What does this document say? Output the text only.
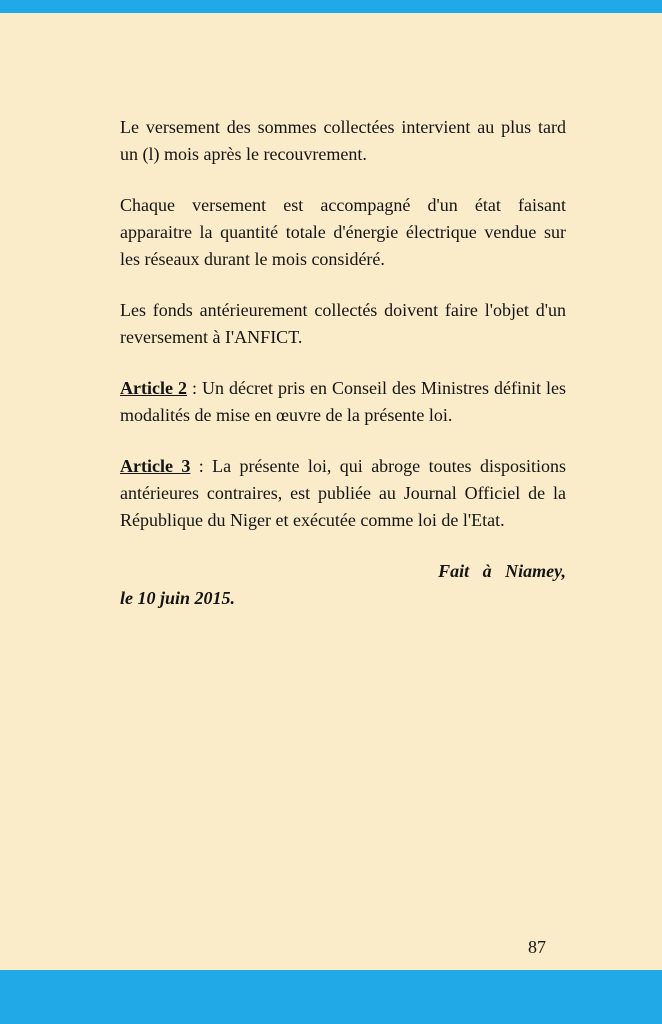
Le versement des sommes collectées intervient au plus tard un (l) mois après le recouvrement.

Chaque versement est accompagné d'un état faisant apparaitre la quantité totale d'énergie électrique vendue sur les réseaux durant le mois considéré.

Les fonds antérieurement collectés doivent faire l'objet d'un reversement à I'ANFICT.

Article 2 : Un décret pris en Conseil des Ministres définit les modalités de mise en œuvre de la présente loi.

Article 3 : La présente loi, qui abroge toutes dispositions antérieures contraires, est publiée au Journal Officiel de la République du Niger et exécutée comme loi de l'Etat.

Fait à Niamey,
le 10 juin 2015.
87
